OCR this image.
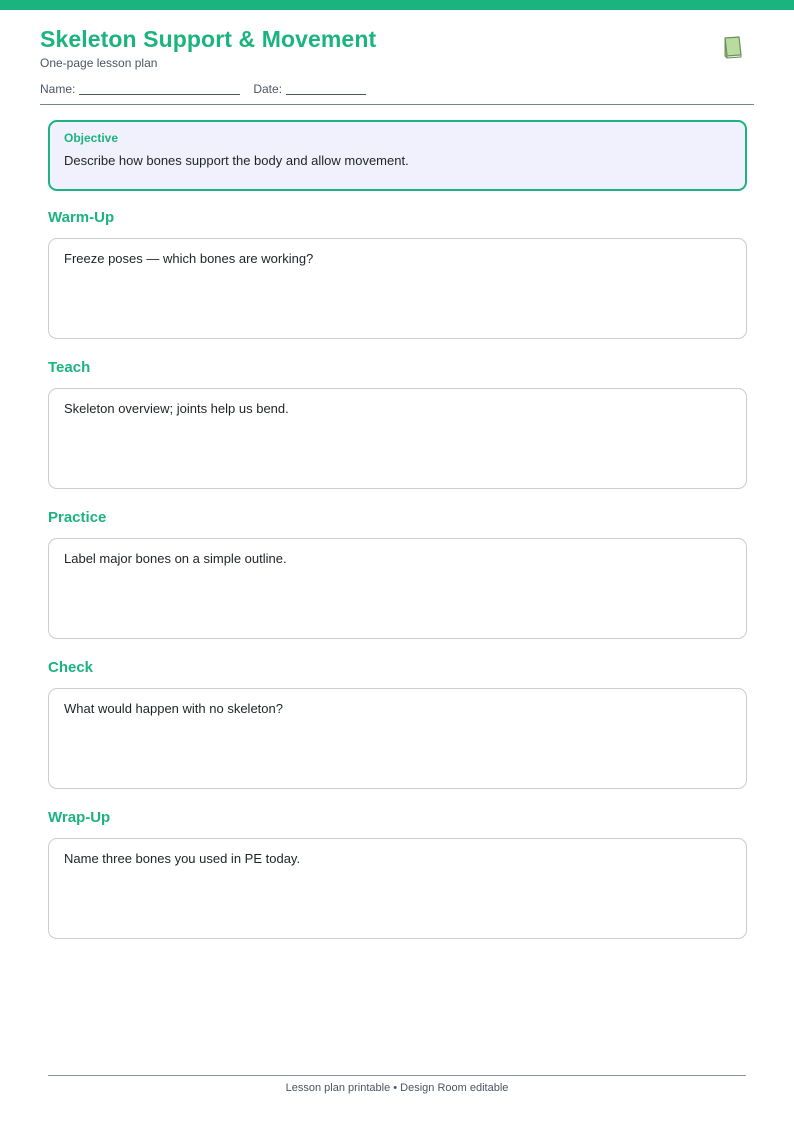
Skeleton Support & Movement
One-page lesson plan
Name:	Date:
Objective
Describe how bones support the body and allow movement.
Warm-Up
Freeze poses — which bones are working?
Teach
Skeleton overview; joints help us bend.
Practice
Label major bones on a simple outline.
Check
What would happen with no skeleton?
Wrap-Up
Name three bones you used in PE today.
Lesson plan printable • Design Room editable
